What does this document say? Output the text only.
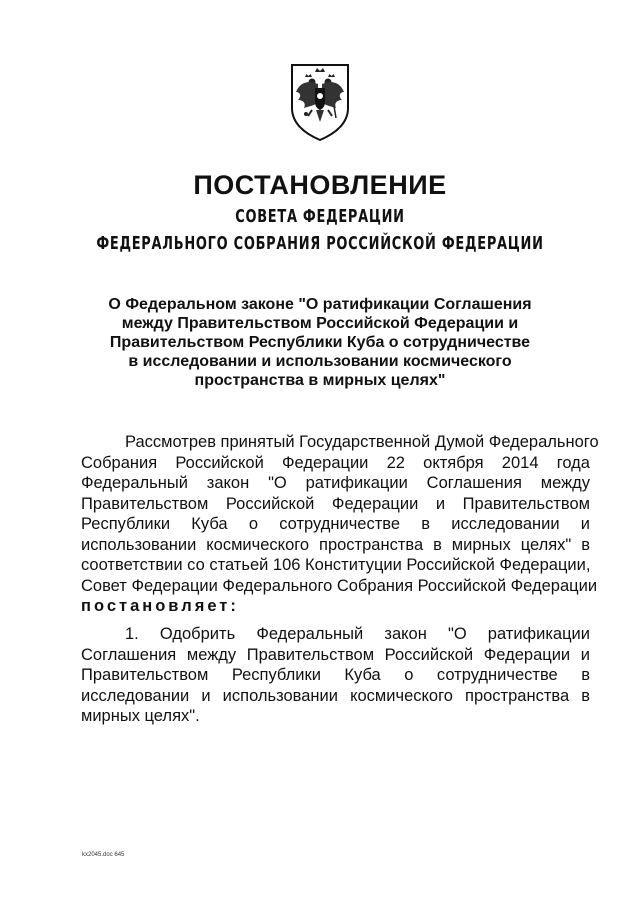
ПОСТАНОВЛЕНИЕ
СОВЕТА ФЕДЕРАЦИИ
ФЕДЕРАЛЬНОГО СОБРАНИЯ РОССИЙСКОЙ ФЕДЕРАЦИИ
О Федеральном законе "О ратификации Соглашения
между Правительством Российской Федерации и
Правительством Республики Куба о сотрудничестве
в исследовании и использовании космического
пространства в мирных целях"
Рассмотрев принятый Государственной Думой Федерального
Собрания Российской Федерации 22 октября 2014 года
Федеральный закон "О ратификации Соглашения между
Правительством Российской Федерации и Правительством
Республики Куба о сотрудничестве в исследовании и
использовании космического пространства в мирных целях" в
соответствии со статьей 106 Конституции Российской Федерации,
Совет Федерации Федерального Собрания Российской Федерации
постановляет:
1. Одобрить Федеральный закон "О ратификации
Соглашения между Правительством Российской Федерации и
Правительством Республики Куба о сотрудничестве в
исследовании и использовании космического пространства в
мирных целях".
kx2045.doc 645
